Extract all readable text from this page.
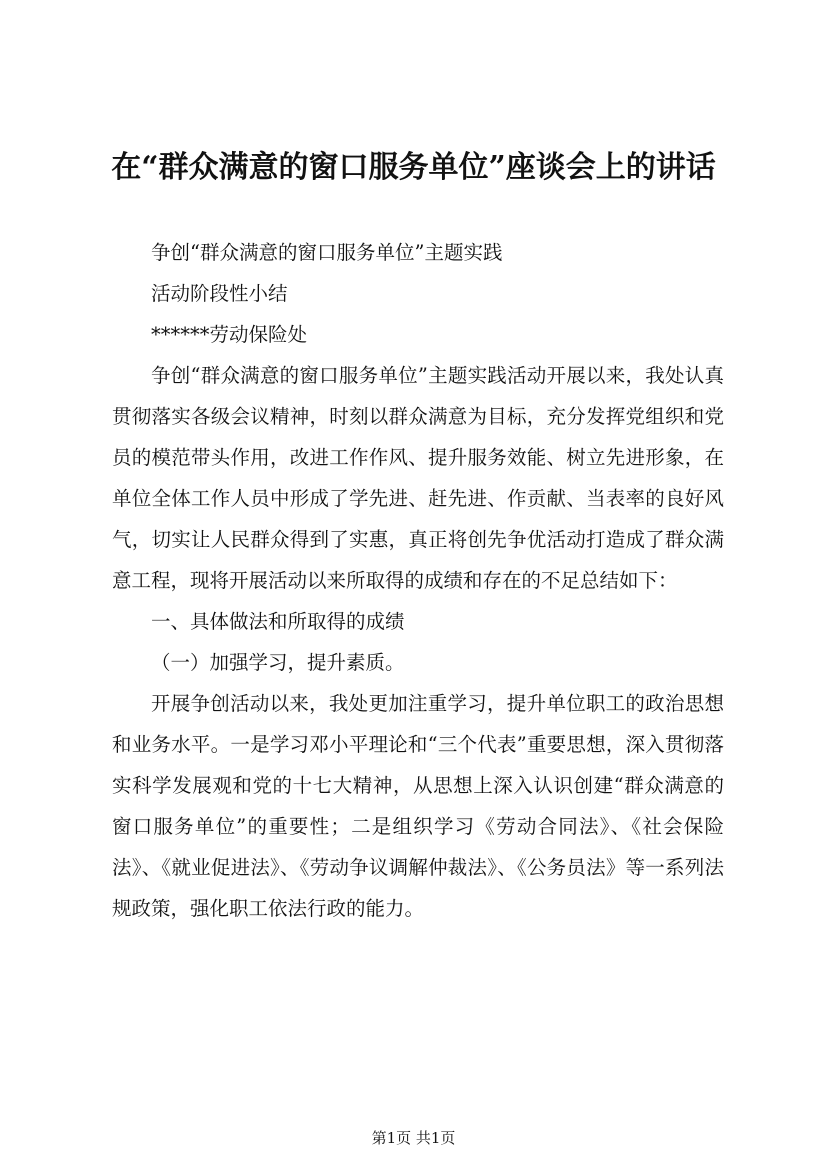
在“群众满意的窗口服务单位”座谈会上的讲话

争创“群众满意的窗口服务单位”主题实践

活动阶段性小结

******劳动保险处

争创“群众满意的窗口服务单位”主题实践活动开展以来，我处认真贯彻落实各级会议精神，时刻以群众满意为目标，充分发挥党组织和党员的模范带头作用，改进工作作风、提升服务效能、树立先进形象，在单位全体工作人员中形成了学先进、赶先进、作贡献、当表率的良好风气，切实让人民群众得到了实惠，真正将创先争优活动打造成了群众满意工程，现将开展活动以来所取得的成绩和存在的不足总结如下：

一、具体做法和所取得的成绩

（一）加强学习，提升素质。

开展争创活动以来，我处更加注重学习，提升单位职工的政治思想和业务水平。一是学习邓小平理论和“三个代表”重要思想，深入贯彻落实科学发展观和党的十七大精神，从思想上深入认识创建“群众满意的窗口服务单位”的重要性；二是组织学习《劳动合同法》、《社会保险法》、《就业促进法》、《劳动争议调解仲裁法》、《公务员法》等一系列法规政策，强化职工依法行政的能力。

第1页 共1页
